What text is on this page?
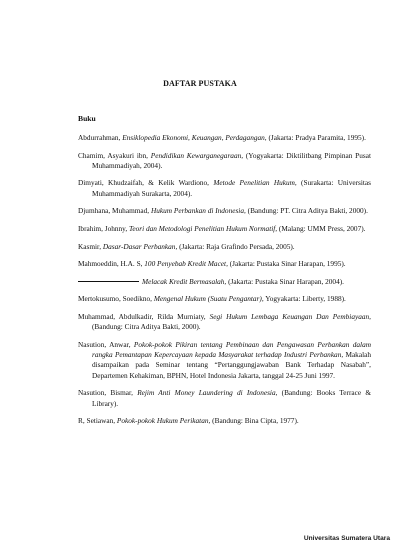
DAFTAR PUSTAKA
Buku
Abdurrahman, Ensiklopedia Ekonomi, Keuangan, Perdagangan, (Jakarta: Pradya Paramita, 1995).
Chamim, Asyakuri ibn, Pendidikan Kewarganegaraan, (Yogyakarta: Diktilitbang Pimpinan Pusat Muhammadiyah, 2004).
Dimyati, Khudzaifah, & Kelik Wardiono, Metode Penelitian Hukum, (Surakarta: Universitas Muhammadiyah Surakarta, 2004).
Djumhana, Muhammad, Hukum Perbankan di Indonesia, (Bandung: PT. Citra Aditya Bakti, 2000).
Ibrahim, Johnny, Teori dan Metodologi Penelitian Hukum Normatif, (Malang: UMM Press, 2007).
Kasmir, Dasar-Dasar Perbankan, (Jakarta: Raja Grafindo Persada, 2005).
Mahmoeddin, H.A. S, 100 Penyebab Kredit Macet, (Jakarta: Pustaka Sinar Harapan, 1995).
Melacak Kredit Bermasalah, (Jakarta: Pustaka Sinar Harapan, 2004).
Mertokusumo, Soedikno, Mengenal Hukum (Suatu Pengantar), Yogyakarta: Liberty, 1988).
Muhammad, Abdulkadir, Rilda Murniaty, Segi Hukum Lembaga Keuangan Dan Pembiayaan, (Bandung: Citra Aditya Bakti, 2000).
Nasution, Anwar, Pokok-pokok Pikiran tentang Pembinaan dan Pengawasan Perbankan dalam rangka Pemantapan Kepercayaan kepada Masyarakat terhadap Industri Perbankan, Makalah disampaikan pada Seminar tentang “Pertanggungjawaban Bank Terhadap Nasabah”, Departemen Kehakiman, BPHN, Hotel Indonesia Jakarta, tanggal 24-25 Juni 1997.
Nasution, Bismar, Rejim Anti Money Laundering di Indonesia, (Bandung: Books Terrace & Library).
R, Setiawan, Pokok-pokok Hukum Perikatan, (Bandung: Bina Cipta, 1977).
Universitas Sumatera Utara
